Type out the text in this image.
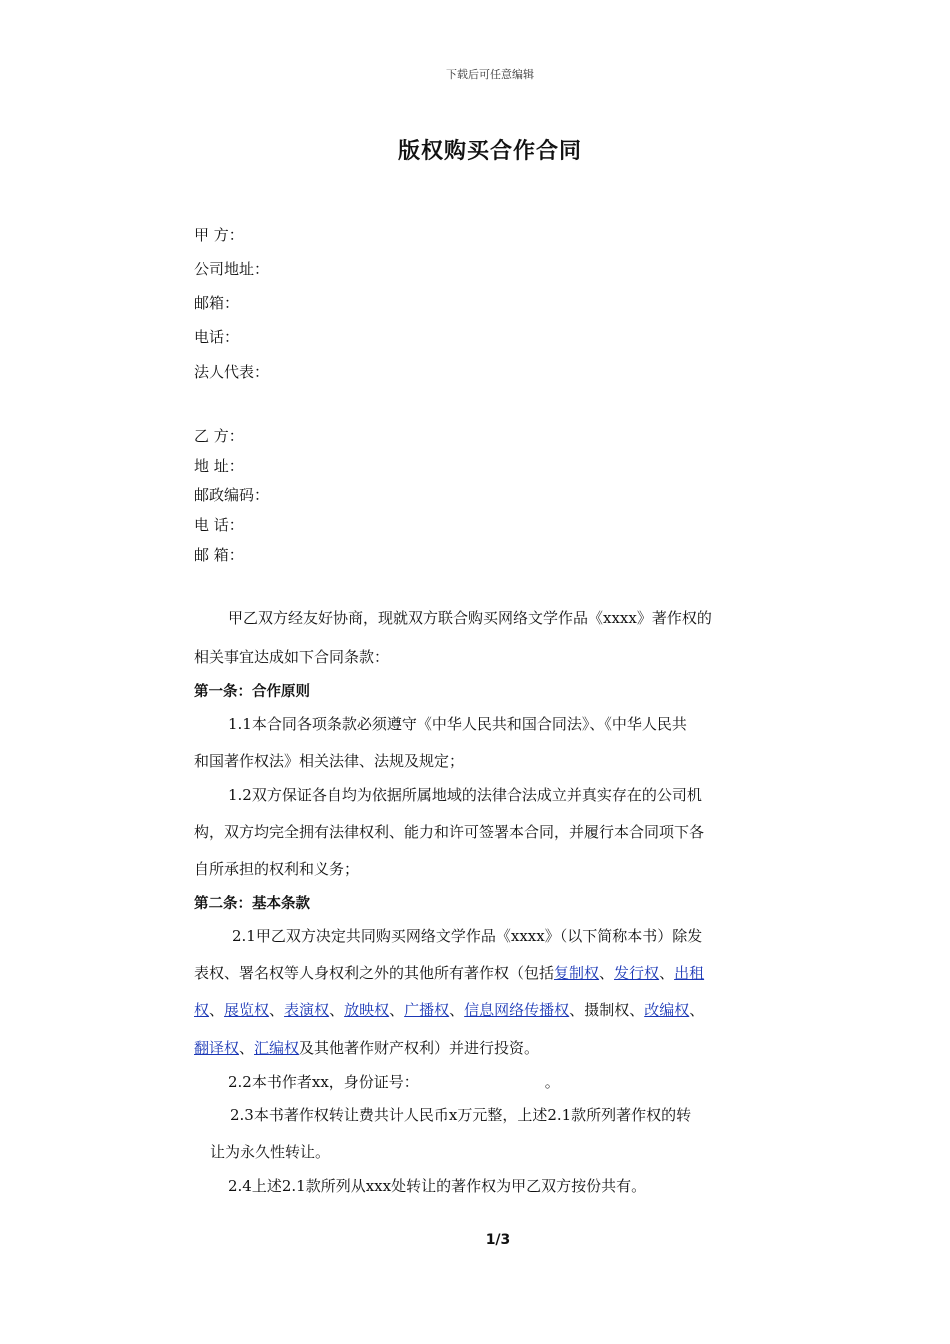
下载后可任意编辑
版权购买合作合同
甲 方：
公司地址：
邮箱：
电话：
法人代表：
乙 方：
地 址：
邮政编码：
电 话：
邮 箱：
甲乙双方经友好协商，现就双方联合购买网络文学作品《xxxx》著作权的
相关事宜达成如下合同条款：
第一条：合作原则
1.1本合同各项条款必须遵守《中华人民共和国合同法》、《中华人民共
和国著作权法》相关法律、法规及规定；
1.2双方保证各自均为依据所属地域的法律合法成立并真实存在的公司机
构，双方均完全拥有法律权利、能力和许可签署本合同，并履行本合同项下各
自所承担的权利和义务；
第二条：基本条款
2.1甲乙双方决定共同购买网络文学作品《xxxx》（以下简称本书）除发
表权、署名权等人身权利之外的其他所有著作权（包括复制权、发行权、出租
权、展览权、表演权、放映权、广播权、信息网络传播权、摄制权、改编权、
翻译权、汇编权及其他著作财产权利）并进行投资。
2.2本书作者xx，身份证号：	。
2.3本书著作权转让费共计人民币x万元整，上述2.1款所列著作权的转
让为永久性转让。
2.4上述2.1款所列从xxx处转让的著作权为甲乙双方按份共有。
1/3
